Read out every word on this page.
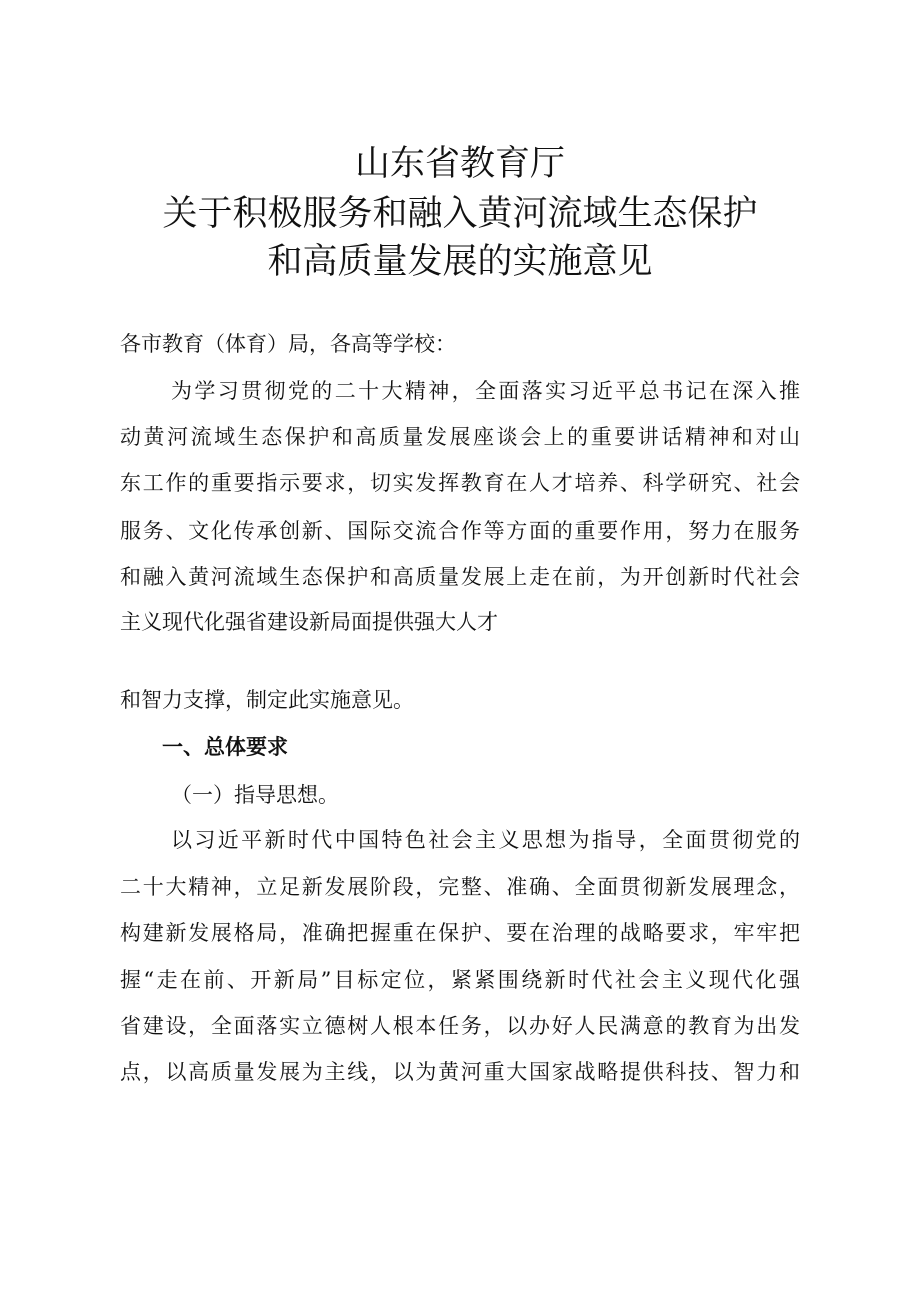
山东省教育厅
关于积极服务和融入黄河流域生态保护
和高质量发展的实施意见
各市教育（体育）局，各高等学校：
为学习贯彻党的二十大精神，全面落实习近平总书记在深入推
动黄河流域生态保护和高质量发展座谈会上的重要讲话精神和对山
东工作的重要指示要求，切实发挥教育在人才培养、科学研究、社会
服务、文化传承创新、国际交流合作等方面的重要作用，努力在服务
和融入黄河流域生态保护和高质量发展上走在前，为开创新时代社会
主义现代化强省建设新局面提供强大人才
和智力支撑，制定此实施意见。
一、总体要求
（一）指导思想。
以习近平新时代中国特色社会主义思想为指导，全面贯彻党的
二十大精神，立足新发展阶段，完整、准确、全面贯彻新发展理念，
构建新发展格局，准确把握重在保护、要在治理的战略要求，牢牢把
握“走在前、开新局”目标定位，紧紧围绕新时代社会主义现代化强
省建设，全面落实立德树人根本任务，以办好人民满意的教育为出发
点，以高质量发展为主线，以为黄河重大国家战略提供科技、智力和
